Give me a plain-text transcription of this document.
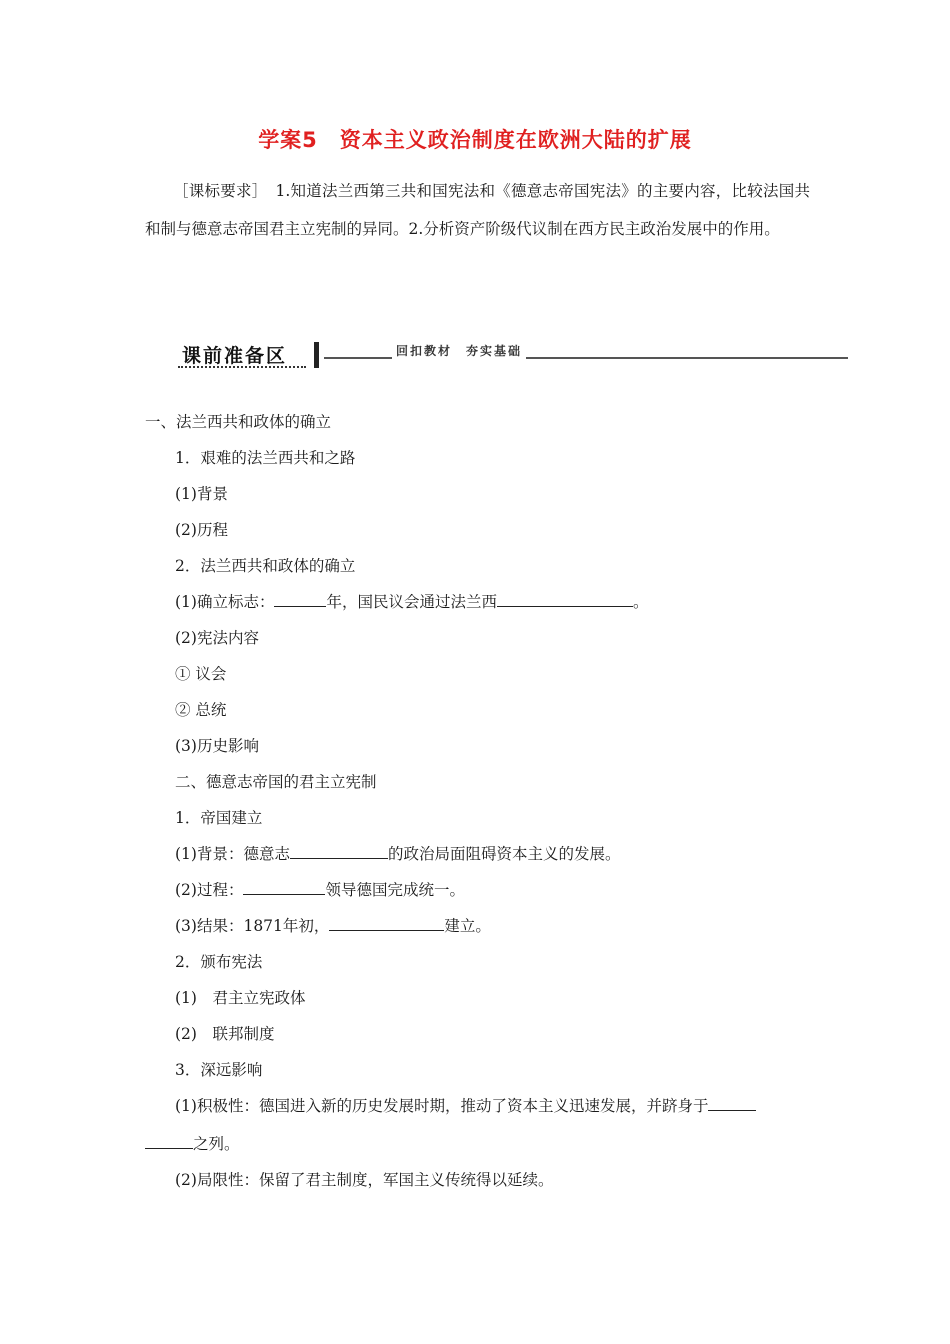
学案5　资本主义政治制度在欧洲大陆的扩展
［课标要求］　1.知道法兰西第三共和国宪法和《德意志帝国宪法》的主要内容，比较法国共和制与德意志帝国君主立宪制的异同。2.分析资产阶级代议制在西方民主政治发展中的作用。
课前准备区	回扣教材　夯实基础
一、法兰西共和政体的确立
1．艰难的法兰西共和之路
(1)背景
(2)历程
2．法兰西共和政体的确立
(1)确立标志：	年，国民议会通过法兰西	。
(2)宪法内容
① 议会
② 总统
(3)历史影响
二、德意志帝国的君主立宪制
1．帝国建立
(1)背景：德意志	的政治局面阻碍资本主义的发展。
(2)过程：	领导德国完成统一。
(3)结果：1871年初，	建立。
2．颁布宪法
(1)　君主立宪政体
(2)　联邦制度
3．深远影响
(1)积极性：德国进入新的历史发展时期，推动了资本主义迅速发展，并跻身于
之列。
(2)局限性：保留了君主制度，军国主义传统得以延续。
